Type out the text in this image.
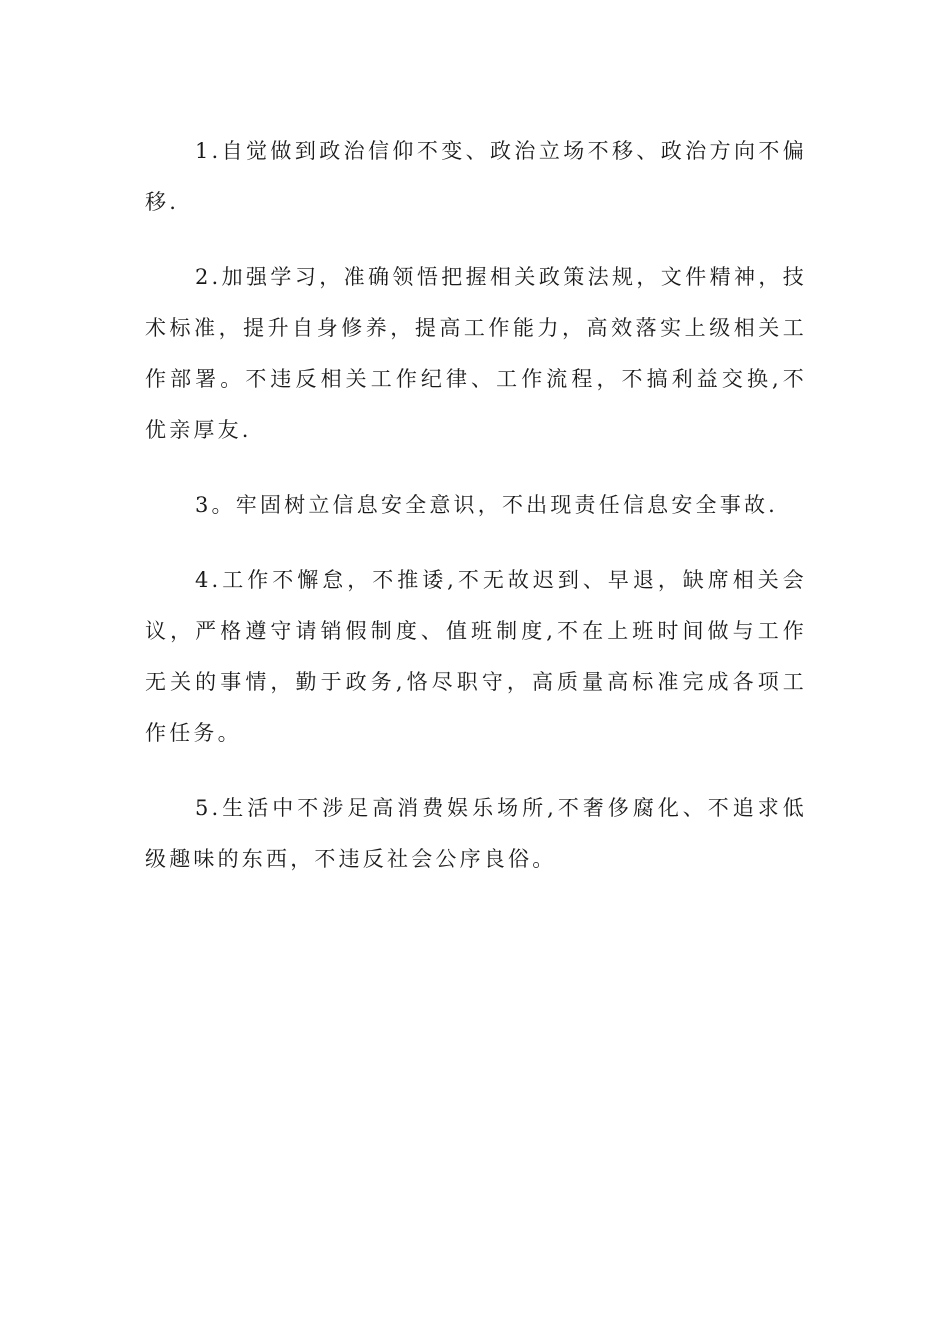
1.自觉做到政治信仰不变、政治立场不移、政治方向不偏移.

2.加强学习，准确领悟把握相关政策法规，文件精神，技术标准，提升自身修养，提高工作能力，高效落实上级相关工作部署。不违反相关工作纪律、工作流程，不搞利益交换,不优亲厚友.

3。牢固树立信息安全意识，不出现责任信息安全事故.

4.工作不懈怠，不推诿,不无故迟到、早退，缺席相关会议，严格遵守请销假制度、值班制度,不在上班时间做与工作无关的事情，勤于政务,恪尽职守，高质量高标准完成各项工作任务。

5.生活中不涉足高消费娱乐场所,不奢侈腐化、不追求低级趣味的东西，不违反社会公序良俗。
